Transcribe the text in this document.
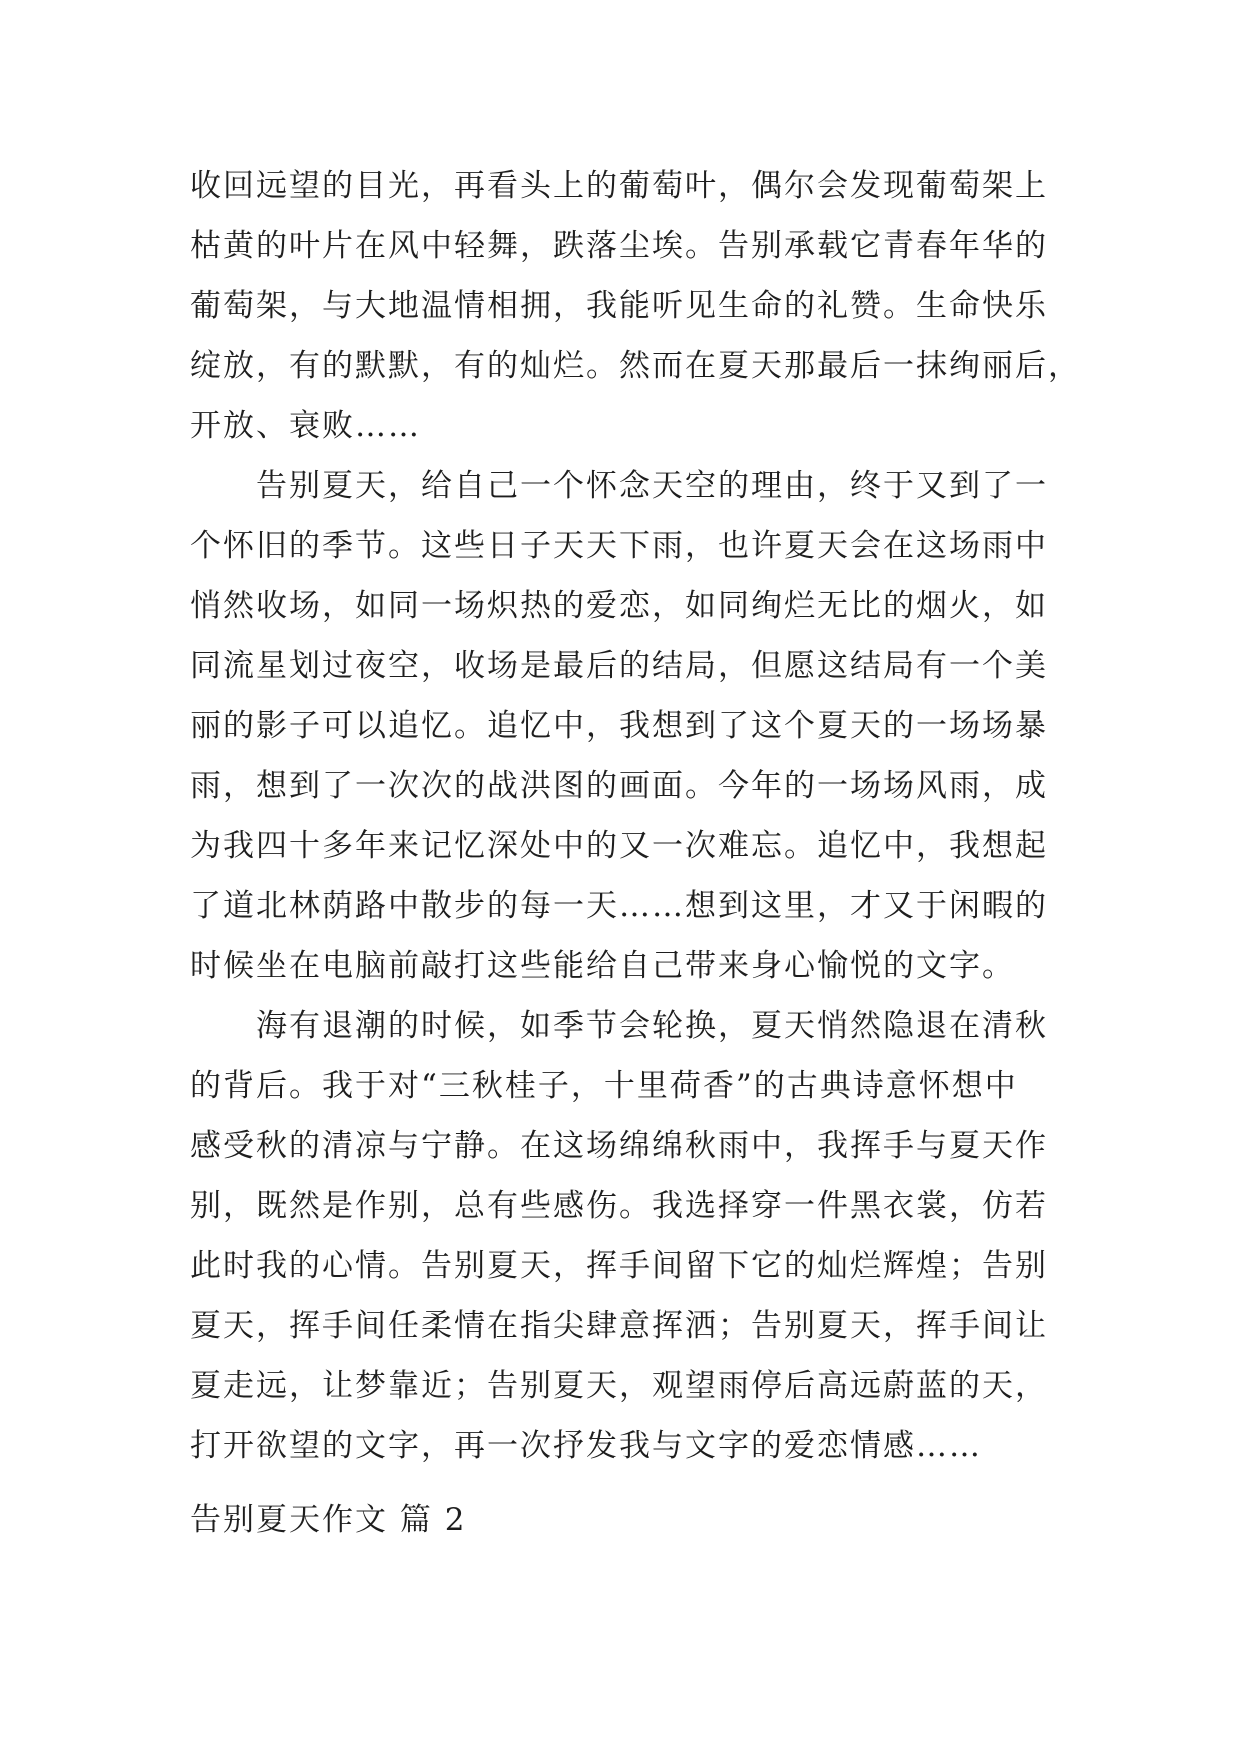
收回远望的目光，再看头上的葡萄叶，偶尔会发现葡萄架上
枯黄的叶片在风中轻舞，跌落尘埃。告别承载它青春年华的
葡萄架，与大地温情相拥，我能听见生命的礼赞。生命快乐
绽放，有的默默，有的灿烂。然而在夏天那最后一抹绚丽后，
开放、衰败……
告别夏天，给自己一个怀念天空的理由，终于又到了一
个怀旧的季节。这些日子天天下雨，也许夏天会在这场雨中
悄然收场，如同一场炽热的爱恋，如同绚烂无比的烟火，如
同流星划过夜空，收场是最后的结局，但愿这结局有一个美
丽的影子可以追忆。追忆中，我想到了这个夏天的一场场暴
雨，想到了一次次的战洪图的画面。今年的一场场风雨，成
为我四十多年来记忆深处中的又一次难忘。追忆中，我想起
了道北林荫路中散步的每一天……想到这里，才又于闲暇的
时候坐在电脑前敲打这些能给自己带来身心愉悦的文字。
海有退潮的时候，如季节会轮换，夏天悄然隐退在清秋
的背后。我于对“三秋桂子，十里荷香”的古典诗意怀想中
感受秋的清凉与宁静。在这场绵绵秋雨中，我挥手与夏天作
别，既然是作别，总有些感伤。我选择穿一件黑衣裳，仿若
此时我的心情。告别夏天，挥手间留下它的灿烂辉煌；告别
夏天，挥手间任柔情在指尖肆意挥洒；告别夏天，挥手间让
夏走远，让梦靠近；告别夏天，观望雨停后高远蔚蓝的天，
打开欲望的文字，再一次抒发我与文字的爱恋情感……
告别夏天作文 篇 2
